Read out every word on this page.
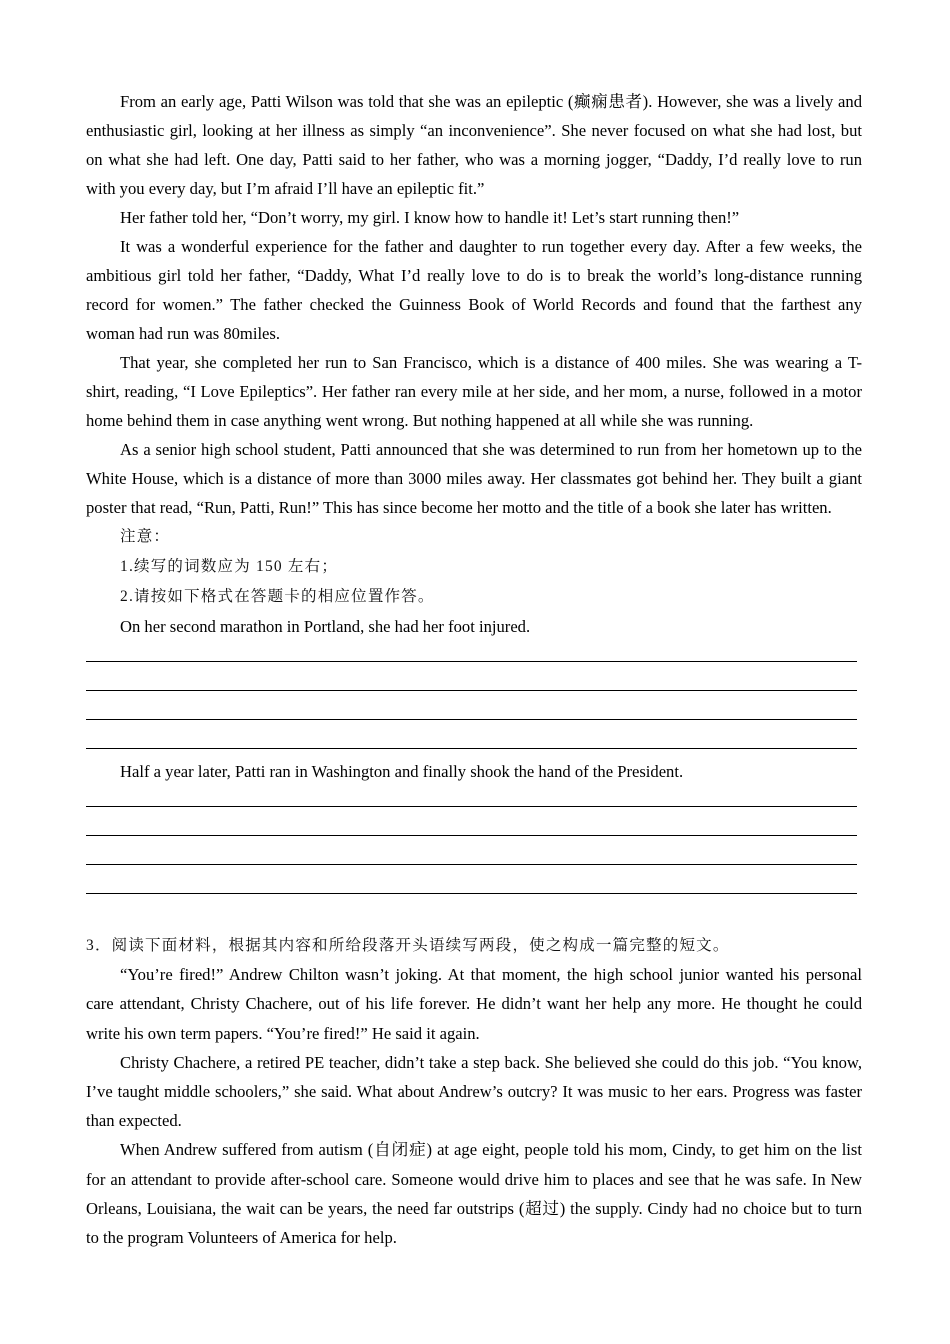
From an early age, Patti Wilson was told that she was an epileptic (癫痫患者). However, she was a lively and
enthusiastic girl, looking at her illness as simply “an inconvenience”. She never focused on what she had lost, but
on what she had left. One day, Patti said to her father, who was a morning jogger, “Daddy, I’d really love to run
with you every day, but I’m afraid I’ll have an epileptic fit.”
Her father told her, “Don’t worry, my girl. I know how to handle it! Let’s start running then!”
It was a wonderful experience for the father and daughter to run together every day. After a few weeks, the
ambitious girl told her father, “Daddy, What I’d really love to do is to break the world’s long-distance running
record for women.” The father checked the Guinness Book of World Records and found that the farthest any
woman had run was 80miles.
That year, she completed her run to San Francisco, which is a distance of 400 miles. She was wearing a T-
shirt, reading, “I Love Epileptics”. Her father ran every mile at her side, and her mom, a nurse, followed in a motor
home behind them in case anything went wrong. But nothing happened at all while she was running.
As a senior high school student, Patti announced that she was determined to run from her hometown up to the
White House, which is a distance of more than 3000 miles away. Her classmates got behind her. They built a giant
poster that read, “Run, Patti, Run!” This has since become her motto and the title of a book she later has written.
注意：
1.续写的词数应为 150 左右；
2.请按如下格式在答题卡的相应位置作答。
On her second marathon in Portland, she had her foot injured.
Half a year later, Patti ran in Washington and finally shook the hand of the President.
3．阅读下面材料，根据其内容和所给段落开头语续写两段，使之构成一篇完整的短文。
“You’re fired!” Andrew Chilton wasn’t joking. At that moment, the high school junior wanted his personal
care attendant, Christy Chachere, out of his life forever. He didn’t want her help any more. He thought he could
write his own term papers. “You’re fired!” He said it again.
Christy Chachere, a retired PE teacher, didn’t take a step back. She believed she could do this job. “You know,
I’ve taught middle schoolers,” she said. What about Andrew’s outcry? It was music to her ears. Progress was faster
than expected.
When Andrew suffered from autism (自闭症) at age eight, people told his mom, Cindy, to get him on the list
for an attendant to provide after-school care. Someone would drive him to places and see that he was safe. In New
Orleans, Louisiana, the wait can be years, the need far outstrips (超过) the supply. Cindy had no choice but to turn
to the program Volunteers of America for help.
